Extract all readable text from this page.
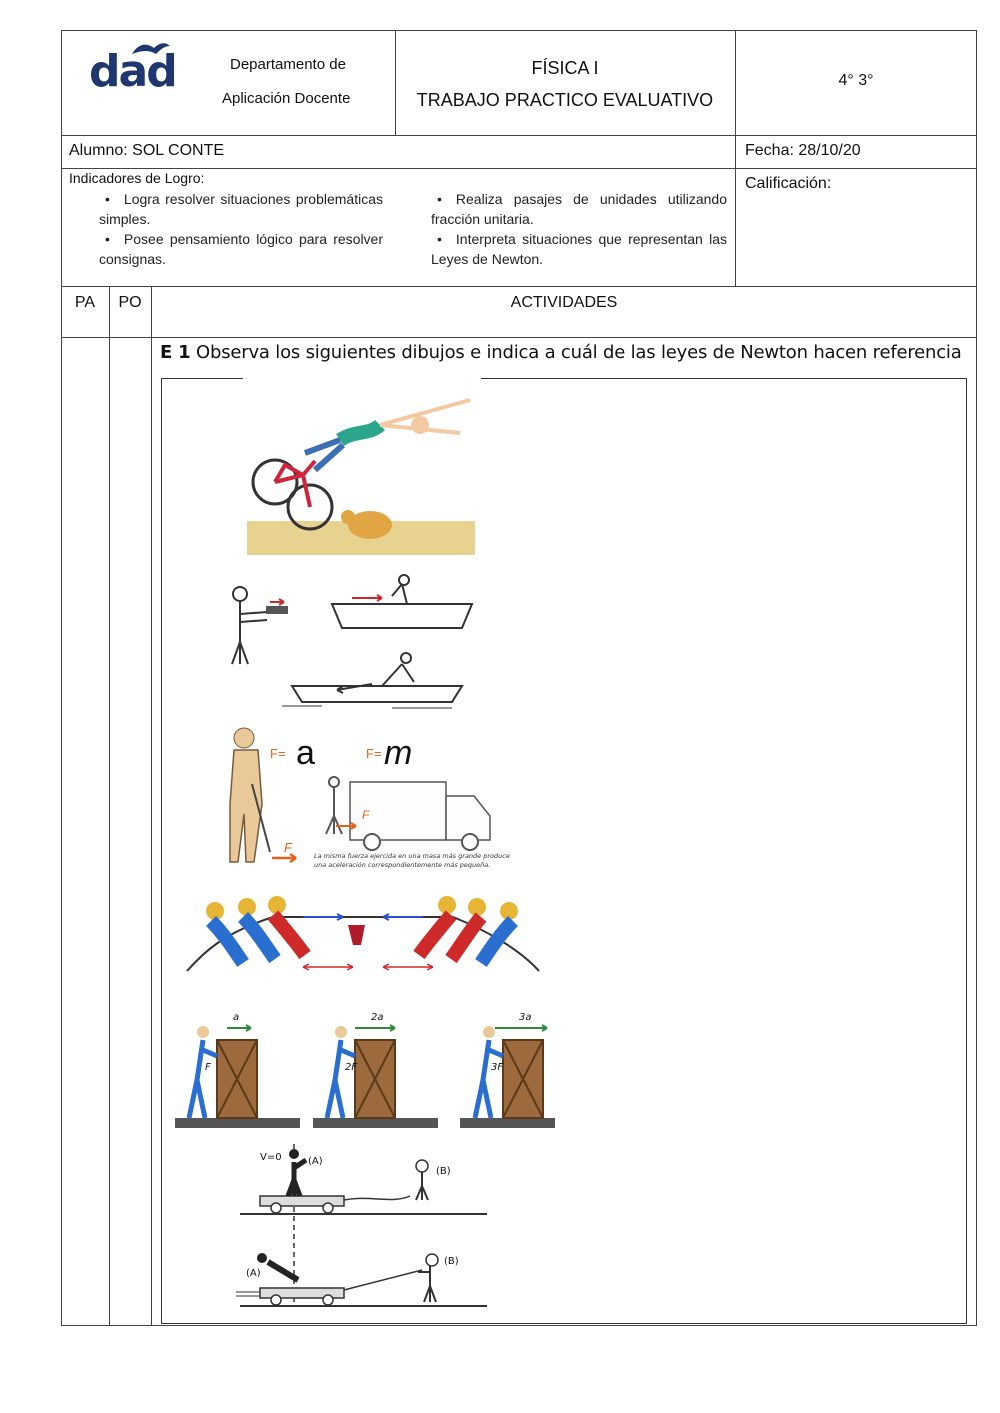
dad	Departamento de
Aplicación Docente
FÍSICA I
TRABAJO PRACTICO EVALUATIVO
4° 3°
Alumno: SOL CONTE	Fecha: 28/10/20
Calificación:
Indicadores de Logro:
• Logra resolver situaciones problemáticas
simples.
• Posee pensamiento lógico para resolver
consignas.
• Realiza pasajes de unidades utilizando
fracción unitaria.
• Interpreta situaciones que representan las
Leyes de Newton.
PA	PO	ACTIVIDADES
E 1 Observa los siguientes dibujos e indica a cuál de las leyes de Newton hacen referencia
F= a	F= m
F
F
La misma fuerza ejercida en una masa más grande produce
una aceleración correspondientemente más pequeña.
a	2a	3a
F	2F	3F
V=0	(A)
(B)
(A)
(B)
